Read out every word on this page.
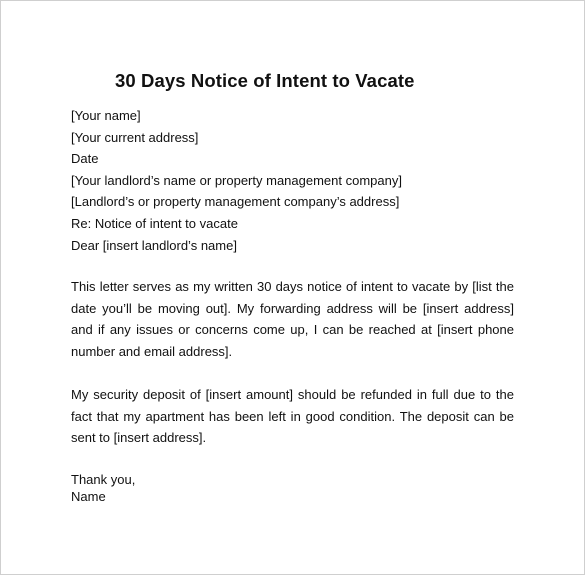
30 Days Notice of Intent to Vacate
[Your name]
[Your current address]
Date
[Your landlord’s name or property management company]
[Landlord’s or property management company’s address]
Re: Notice of intent to vacate
Dear [insert landlord’s name]

This letter serves as my written 30 days notice of intent to vacate by [list the date you’ll be moving out]. My forwarding address will be [insert address] and if any issues or concerns come up, I can be reached at [insert phone number and email address].

My security deposit of [insert amount] should be refunded in full due to the fact that my apartment has been left in good condition. The deposit can be sent to [insert address].

Thank you,
Name
